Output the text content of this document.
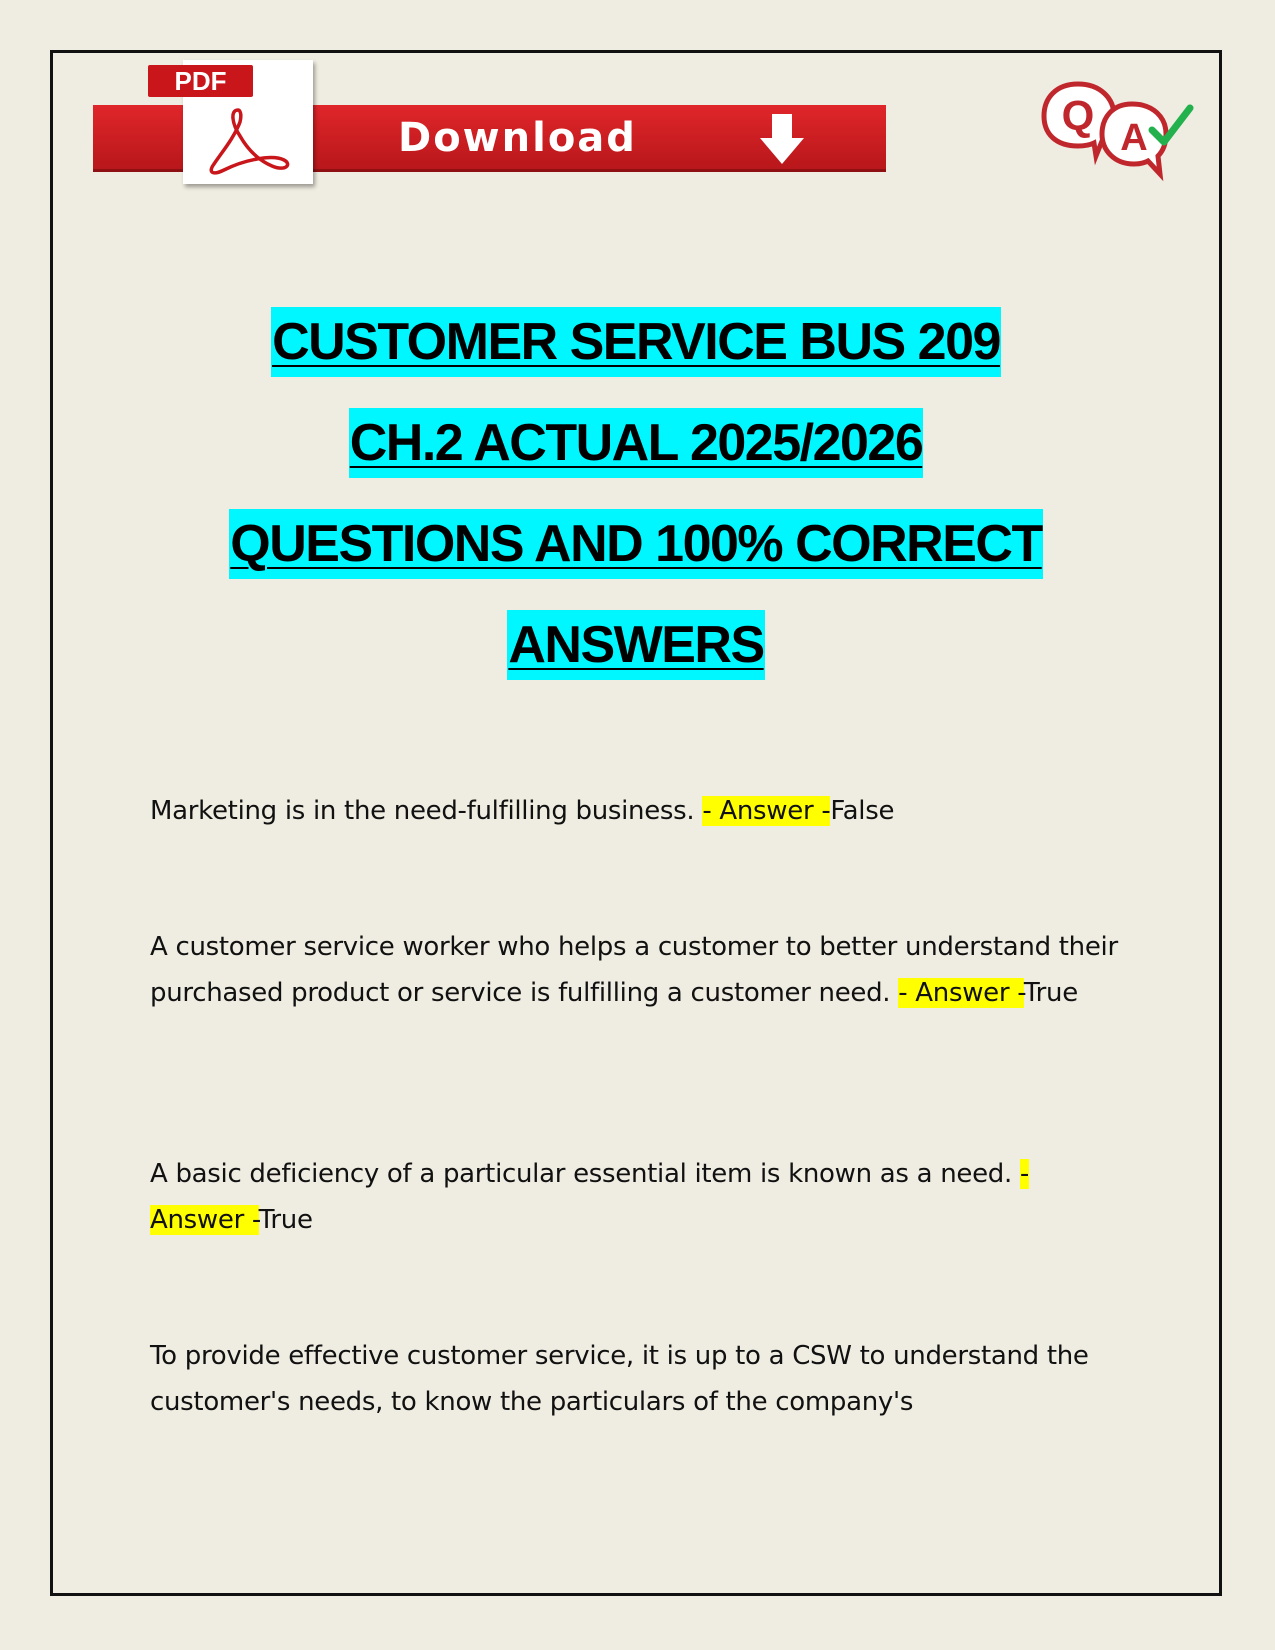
PDF
Download	Q A
CUSTOMER SERVICE BUS 209
CH.2 ACTUAL 2025/2026
QUESTIONS AND 100% CORRECT
ANSWERS
Marketing is in the need-fulfilling business. - Answer -False
A customer service worker who helps a customer to better understand their purchased product or service is fulfilling a customer need. - Answer -True
A basic deficiency of a particular essential item is known as a need. - Answer -True
To provide effective customer service, it is up to a CSW to understand the customer's needs, to know the particulars of the company's
